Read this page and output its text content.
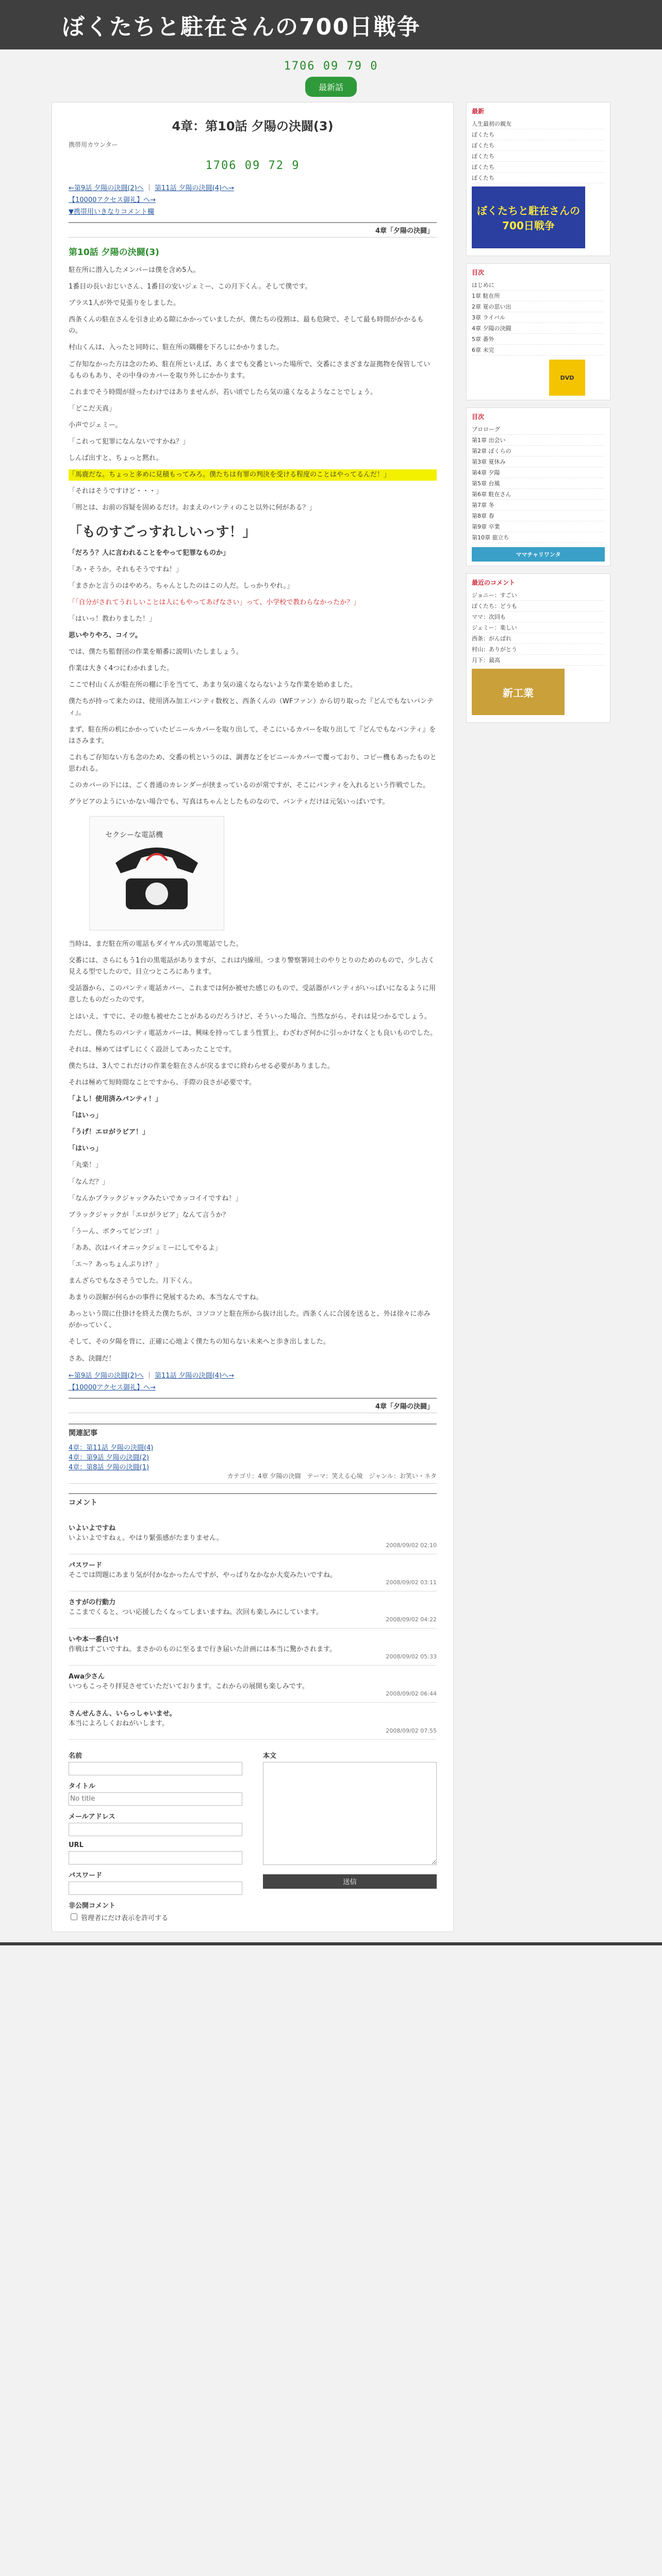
ぼくたちと駐在さんの700日戦争
1706 09 79 0
最新話
4章：第10話 夕陽の決闘(3)
携帯用カウンター
1706 09 72 9

←第9話 夕陽の決闘(2)へ ｜ 第11話 夕陽の決闘(4)へ→

【10000アクセス御礼】へ→

▼携帯用いきなりコメント欄

4章「夕陽の決闘」
第10話 夕陽の決闘(3)

駐在所に潜入したメンバーは僕を含め5人。

1番目の長いおじいさん、1番目の安いジェミー、この月下くん。そして僕です。

プラス1人が外で見張りをしました。

西条くんの駐在さんを引き止める隙にかかっていましたが、僕たちの役割は、最も危険で、そして最も時間がかかるもの。

村山くんは、入ったと同時に、駐在所の隅棚を下ろしにかかりました。

ご存知なかった方は念のため、駐在所といえば、あくまでも交番といった場所で、交番にさまざまな証拠物を保管しているものもあり、その中身のカバーを取り外しにかかります。

これまでそう時間が経ったわけではありませんが、若い頃でしたら気の遠くなるようなことでしょう。

「どこだ天真」

小声でジェミー。

「これって犯罪になんないですかね？」

しんば出すと、ちょっと黙れ。

「馬鹿だな。ちょっと多めに見積もってみろ。僕たちは有罪の判決を受ける程度のことはやってるんだ！」

「それはそうですけど・・・」

「刑とは、お前の容疑を固めるだけ。おまえのパンティのこと以外に何がある？」

「ものすごっすれしいっす！」

「だろう？人に言われることをやって犯罪なものか」

「あ・そうか。それもそうですね！」

「まさかと言うのはやめろ。ちゃんとしたのはこの人だ。しっかりやれ。」

「「自分がされてうれしいことは人にもやってあげなさい」って、小学校で教わらなかったか？」

「はいっ！教わりました！」

思いやりやろ、コイツ。

では、僕たち監督団の作業を順番に説明いたしましょう。

作業は大きく4つにわかれました。

ここで村山くんが駐在所の棚に手を当てて、あまり気の遠くならないような作業を始めました。

僕たちが持って来たのは、使用済み加工パンティ数枚と、西条くんの（WFファン）から切り取った『どんでもないパンティ』。

まず、駐在所の机にかかっていたビニールカバーを取り出して、そこにいるカバーを取り出して『どんでもなパンティ』をはさみます。

これもご存知ない方も念のため、交番の机というのは、調書などをビニールカバーで覆っており、コピー機もあったものと思われる。

このカバーの下には、ごく普通のカレンダーが挟まっているのが常ですが、そこにパンティを入れるという作戦でした。

グラビアのようにいかない場合でも、写真はちゃんとしたものなので、パンティだけは元気いっぱいです。

セクシーな電話機

当時は、まだ駐在所の電話もダイヤル式の黒電話でした。

交番には、さらにもう1台の黒電話がありますが、これは内線用。つまり警察署同士のやりとりのためのもので、少し古く見える型でしたので、目立つところにあります。

受話器から、このパンティ電話カバー、これまでは何か被せた感じのもので、受話器がパンティがいっぱいになるように用意したものだったのです。

とはいえ、すでに、その他も被せたことがあるのだろうけど、そういった場合、当然ながら、それは見つかるでしょう。

ただし、僕たちのパンティ電話カバーは、興味を持ってしまう性質上、わざわざ何かに引っかけなくとも良いものでした。

それは、極めてはずしにくく設計してあったことです。

僕たちは、3人でこれだけの作業を駐在さんが戻るまでに終わらせる必要がありました。

それは極めて短時間なことですから、手際の良さが必要です。

「よし！使用済みパンティ！」

「はいっ」

「うげ！エロがラビア！」

「はいっ」

「丸楽！」

「なんだ？」

「なんかブラックジャックみたいでカッコイイですね！」

ブラックジャックが「エロがラビア」なんて言うか？

「うーん、ボクってビンゴ！」

「ああ、次はバイオニックジェミーにしてやるよ」

「エ〜？あっちょんぷりけ？」

まんざらでもなさそうでした。月下くん。

あまりの誤解が何らかの事件に発展するため、本当なんですね。

あっという間に仕掛けを終えた僕たちが、コソコソと駐在所から抜け出した。西条くんに合図を送ると、外は徐々に赤みがかっていく、

そして、その夕陽を背に、正確に心地よく僕たちの知らない未来へと歩き出しました。

さあ、決闘だ！

←第9話 夕陽の決闘(2)へ ｜ 第11話 夕陽の決闘(4)へ→

【10000アクセス御礼】へ→

4章「夕陽の決闘」
関連記事
4章：第11話 夕陽の決闘(4)
4章：第9話 夕陽の決闘(2)
4章：第8話 夕陽の決闘(1)
カテゴリ：4章 夕陽の決闘　テーマ：笑える心境　ジャンル：お笑い・ネタ
コメント
いよいよですね
いよいよですねぇ。やはり緊張感がたまりません。
2008/09/02 02:10
パスワード
そこでは問題にあまり気が付かなかったんですが、やっぱりなかなか大変みたいですね。
2008/09/02 03:11
さすがの行動力
ここまでくると、つい応援したくなってしまいますね。次回も楽しみにしています。
2008/09/02 04:22
いや本一番白い!
作戦はすごいですね。まさかのものに至るまで行き届いた計画には本当に驚かされます。
2008/09/02 05:33
Awa少さん
いつもこっそり拝見させていただいております。これからの展開も楽しみです。
2008/09/02 06:44
さんせんさん、いらっしゃいませ。
本当によろしくおねがいします。
2008/09/02 07:55
名前
タイトル
No title
メールアドレス
URL
パスワード
非公開コメント
管理者にだけ表示を許可する
本文
送信
最新
人生最初の親友
ぼくたち
ぼくたち
ぼくたち
ぼくたち
ぼくたち
ぼくたちと駐在さんの700日戦争
目次
はじめに
1章 駐在所
2章 夏の思い出
3章 ライバル
4章 夕陽の決闘
5章 番外
6章 未完
DVD
目次
プロローグ
第1章 出会い
第2章 ぼくらの
第3章 夏休み
第4章 夕陽
第5章 台風
第6章 駐在さん
第7章 冬
第8章 春
第9章 卒業
第10章 旅立ち
ママチャリワンタ
最近のコメント
ジョニー：すごい
ぼくたち：どうも
ママ：次回も
ジェミー：楽しい
西条：がんばれ
村山：ありがとう
月下：最高
新工業
